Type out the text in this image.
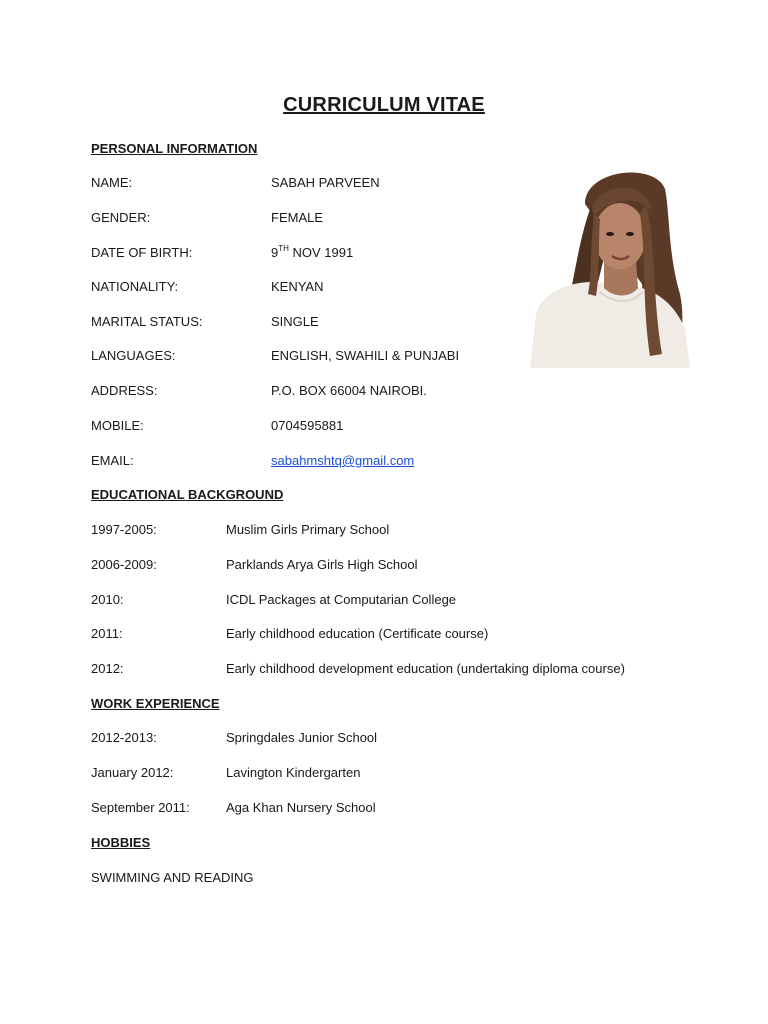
CURRICULUM VITAE
PERSONAL INFORMATION
NAME:	SABAH PARVEEN
GENDER:	FEMALE
DATE OF BIRTH:	9TH NOV 1991
NATIONALITY:	KENYAN
MARITAL STATUS:	SINGLE
LANGUAGES:	ENGLISH, SWAHILI & PUNJABI
ADDRESS:	P.O. BOX 66004 NAIROBI.
MOBILE:	0704595881
EMAIL:	sabahmshtq@gmail.com
EDUCATIONAL BACKGROUND
1997-2005:	Muslim Girls Primary School
2006-2009:	Parklands Arya Girls High School
2010:	ICDL Packages at Computarian College
2011:	Early childhood education (Certificate course)
2012:	Early childhood development education (undertaking diploma course)
WORK EXPERIENCE
2012-2013:	Springdales Junior School
January 2012:	Lavington Kindergarten
September 2011:	Aga Khan Nursery School
HOBBIES
SWIMMING AND READING
